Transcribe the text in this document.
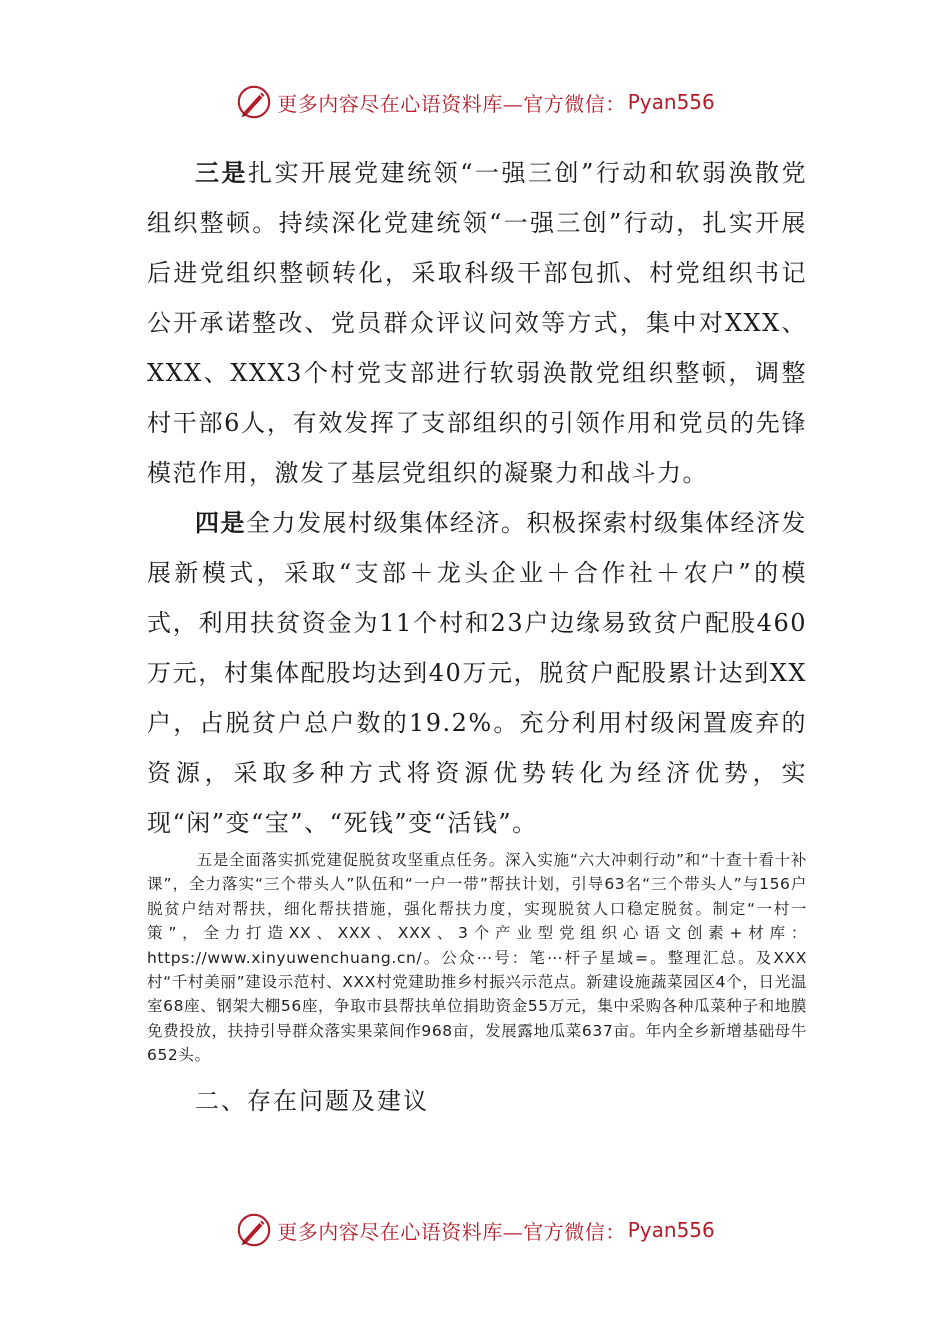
更多内容尽在心语资料库—官方微信： Pyan556

三是扎实开展党建统领“一强三创”行动和软弱涣散党组织整顿。持续深化党建统领“一强三创”行动，扎实开展后进党组织整顿转化，采取科级干部包抓、村党组织书记公开承诺整改、党员群众评议问效等方式，集中对XXX、XXX、XXX3个村党支部进行软弱涣散党组织整顿，调整村干部6人，有效发挥了支部组织的引领作用和党员的先锋模范作用，激发了基层党组织的凝聚力和战斗力。

四是全力发展村级集体经济。积极探索村级集体经济发展新模式，采取“支部＋龙头企业＋合作社＋农户”的模式，利用扶贫资金为11个村和23户边缘易致贫户配股460万元，村集体配股均达到40万元，脱贫户配股累计达到XX户，占脱贫户总户数的19.2%。充分利用村级闲置废弃的资源，采取多种方式将资源优势转化为经济优势，实现“闲”变“宝”、“死钱”变“活钱”。

五是全面落实抓党建促脱贫攻坚重点任务。深入实施“六大冲刺行动”和“十查十看十补课”，全力落实“三个带头人”队伍和“一户一带”帮扶计划，引导63名“三个带头人”与156户脱贫户结对帮扶，细化帮扶措施，强化帮扶力度，实现脱贫人口稳定脱贫。制定“一村一策”，全力打造XX、XXX、XXX、3个产业型党组织心语文创素+材库：https://www.xinyuwenchuang.cn/。公众⋯号：笔⋯杆子星域=。整理汇总。及XXX村“千村美丽”建设示范村、XXX村党建助推乡村振兴示范点。新建设施蔬菜园区4个，日光温室68座、钢架大棚56座，争取市县帮扶单位捐助资金55万元，集中采购各种瓜菜种子和地膜免费投放，扶持引导群众落实果菜间作968亩，发展露地瓜菜637亩。年内全乡新增基础母牛652头。

二、存在问题及建议

更多内容尽在心语资料库—官方微信： Pyan556
